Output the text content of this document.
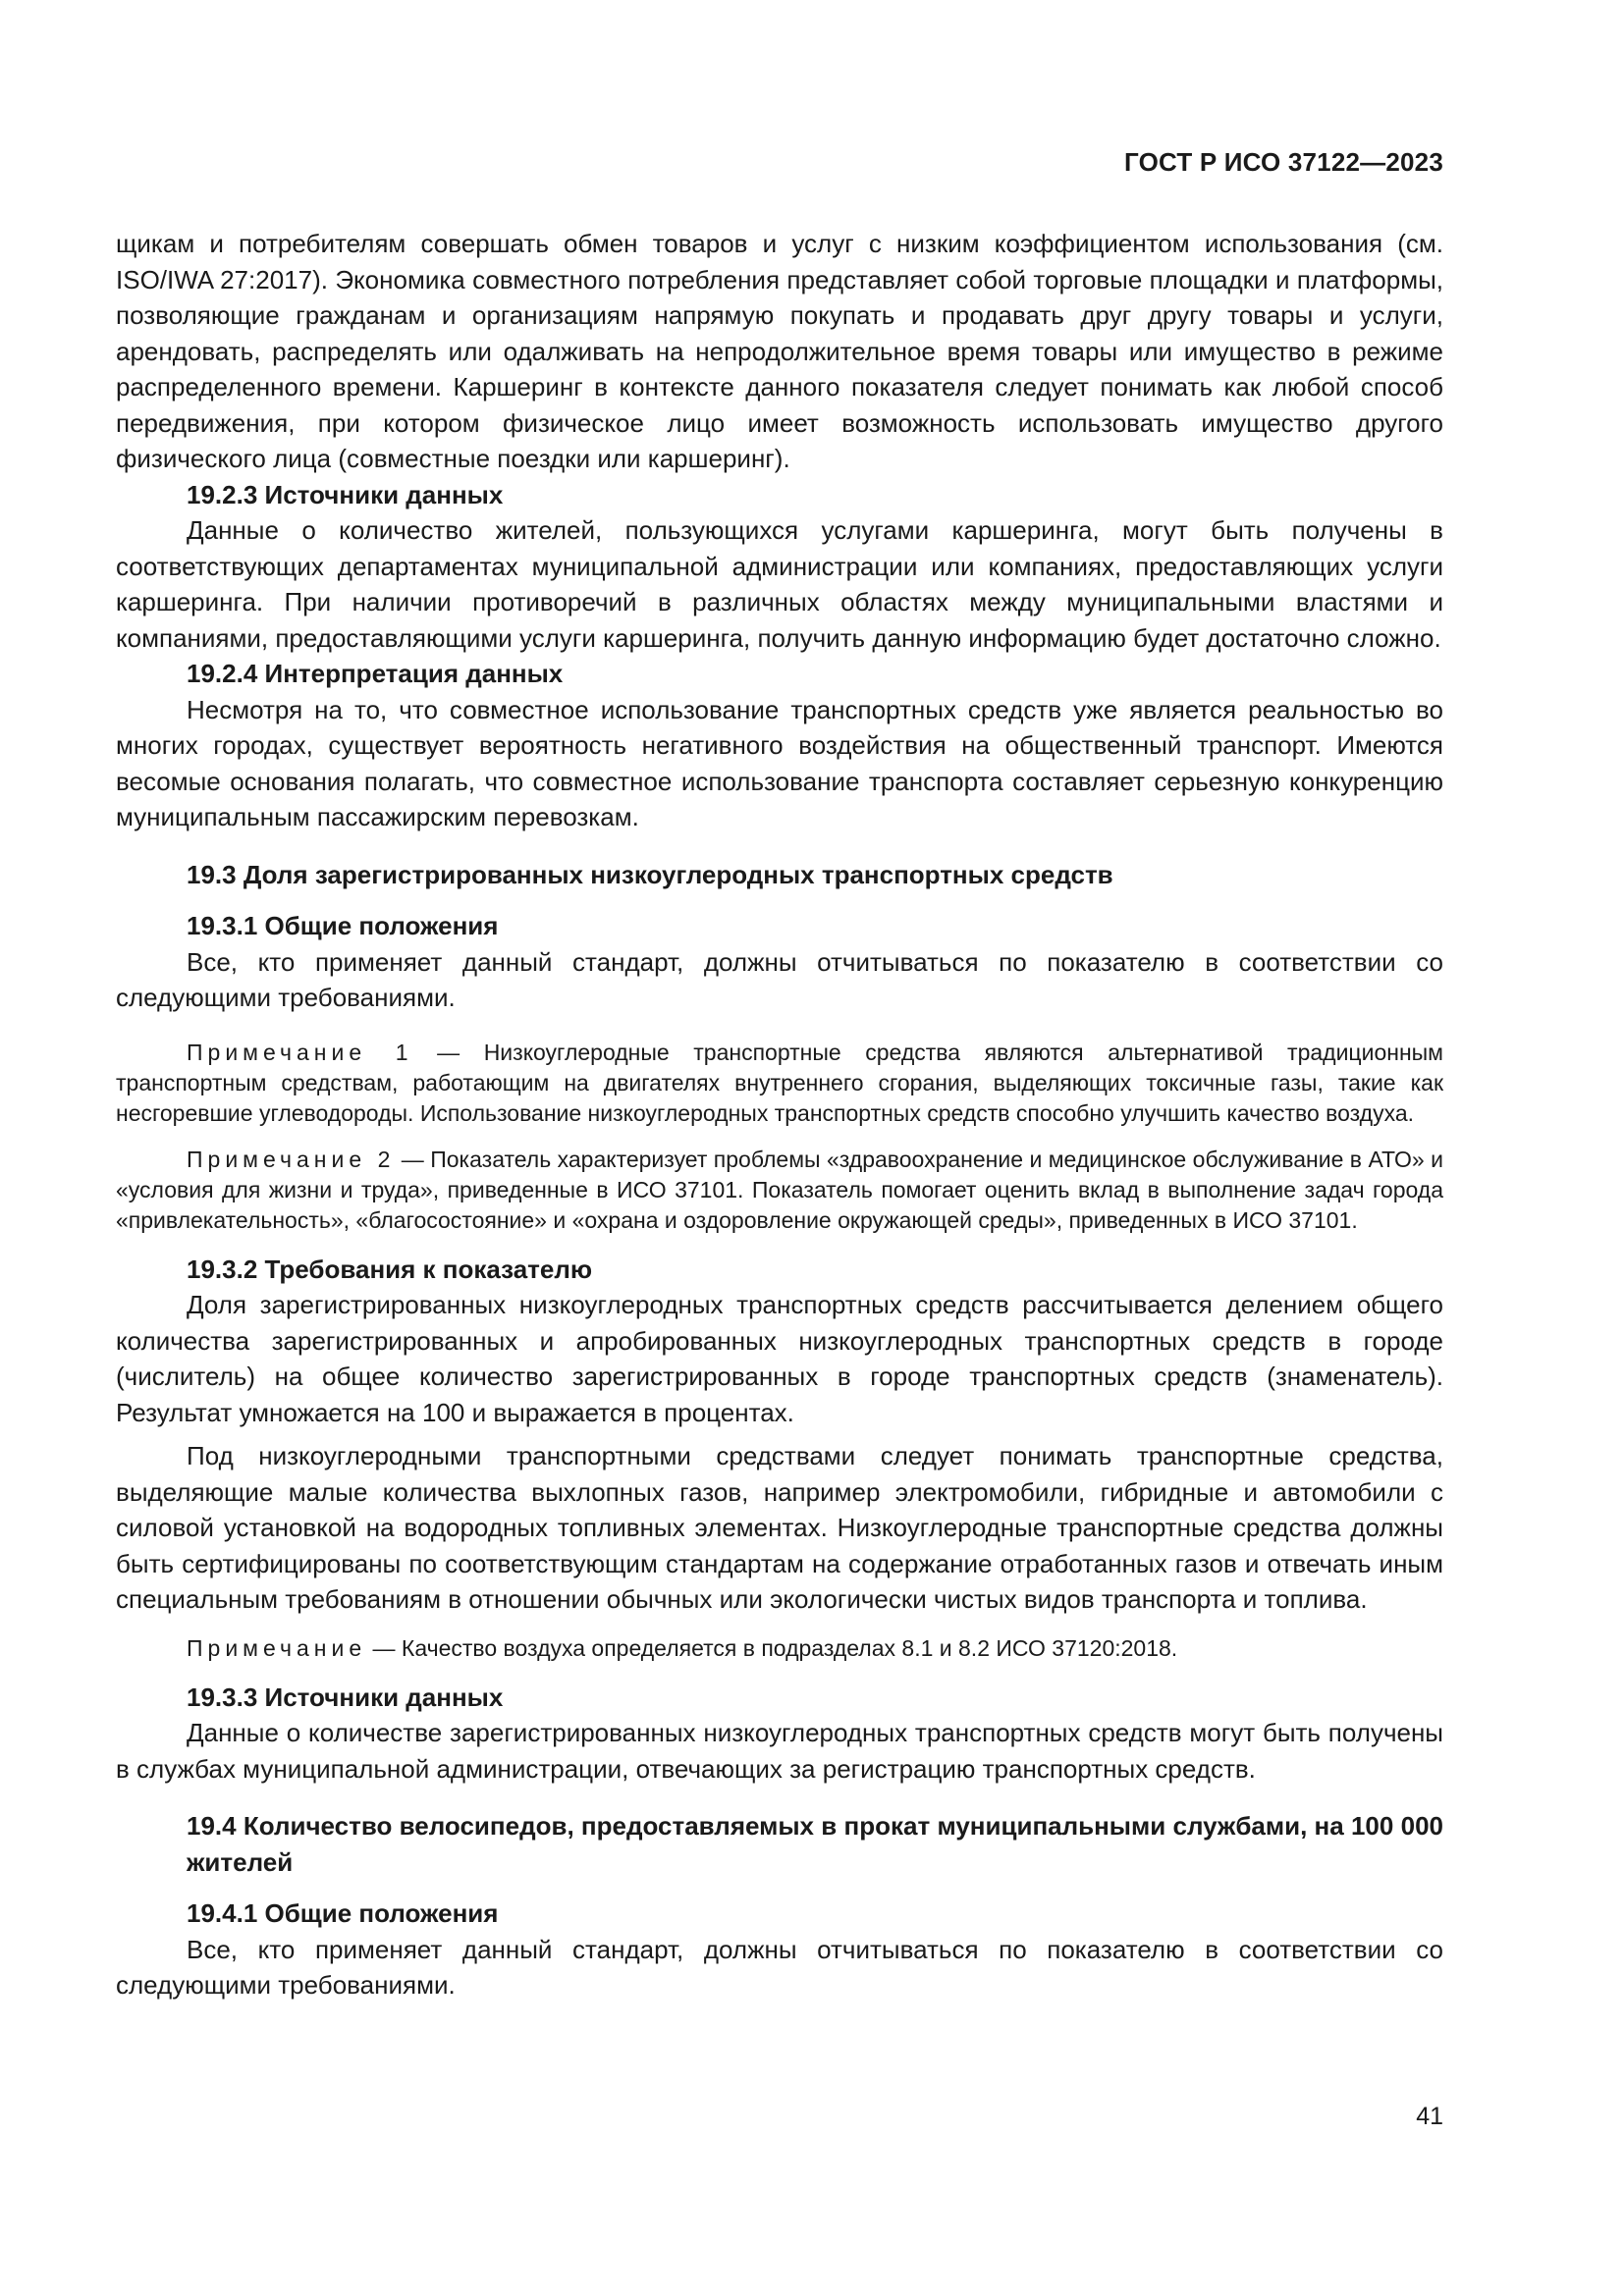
ГОСТ Р ИСО 37122—2023

щикам и потребителям совершать обмен товаров и услуг с низким коэффициентом использования (см. ISO/IWA 27:2017). Экономика совместного потребления представляет собой торговые площадки и платформы, позволяющие гражданам и организациям напрямую покупать и продавать друг другу товары и услуги, арендовать, распределять или одалживать на непродолжительное время товары или имущество в режиме распределенного времени. Каршеринг в контексте данного показателя следует понимать как любой способ передвижения, при котором физическое лицо имеет возможность использовать имущество другого физического лица (совместные поездки или каршеринг).

19.2.3 Источники данных

Данные о количество жителей, пользующихся услугами каршеринга, могут быть получены в соответствующих департаментах муниципальной администрации или компаниях, предоставляющих услуги каршеринга. При наличии противоречий в различных областях между муниципальными властями и компаниями, предоставляющими услуги каршеринга, получить данную информацию будет достаточно сложно.

19.2.4 Интерпретация данных

Несмотря на то, что совместное использование транспортных средств уже является реальностью во многих городах, существует вероятность негативного воздействия на общественный транспорт. Имеются весомые основания полагать, что совместное использование транспорта составляет серьезную конкуренцию муниципальным пассажирским перевозкам.

19.3 Доля зарегистрированных низкоуглеродных транспортных средств

19.3.1 Общие положения

Все, кто применяет данный стандарт, должны отчитываться по показателю в соответствии со следующими требованиями.

Примечание 1 — Низкоуглеродные транспортные средства являются альтернативой традиционным транспортным средствам, работающим на двигателях внутреннего сгорания, выделяющих токсичные газы, такие как несгоревшие углеводороды. Использование низкоуглеродных транспортных средств способно улучшить качество воздуха.

Примечание 2 — Показатель характеризует проблемы «здравоохранение и медицинское обслуживание в АТО» и «условия для жизни и труда», приведенные в ИСО 37101. Показатель помогает оценить вклад в выполнение задач города «привлекательность», «благосостояние» и «охрана и оздоровление окружающей среды», приведенных в ИСО 37101.

19.3.2 Требования к показателю

Доля зарегистрированных низкоуглеродных транспортных средств рассчитывается делением общего количества зарегистрированных и апробированных низкоуглеродных транспортных средств в городе (числитель) на общее количество зарегистрированных в городе транспортных средств (знаменатель). Результат умножается на 100 и выражается в процентах.

Под низкоуглеродными транспортными средствами следует понимать транспортные средства, выделяющие малые количества выхлопных газов, например электромобили, гибридные и автомобили с силовой установкой на водородных топливных элементах. Низкоуглеродные транспортные средства должны быть сертифицированы по соответствующим стандартам на содержание отработанных газов и отвечать иным специальным требованиям в отношении обычных или экологически чистых видов транспорта и топлива.

Примечание — Качество воздуха определяется в подразделах 8.1 и 8.2 ИСО 37120:2018.

19.3.3 Источники данных

Данные о количестве зарегистрированных низкоуглеродных транспортных средств могут быть получены в службах муниципальной администрации, отвечающих за регистрацию транспортных средств.

19.4 Количество велосипедов, предоставляемых в прокат муниципальными службами, на 100 000 жителей

19.4.1 Общие положения

Все, кто применяет данный стандарт, должны отчитываться по показателю в соответствии со следующими требованиями.

41
